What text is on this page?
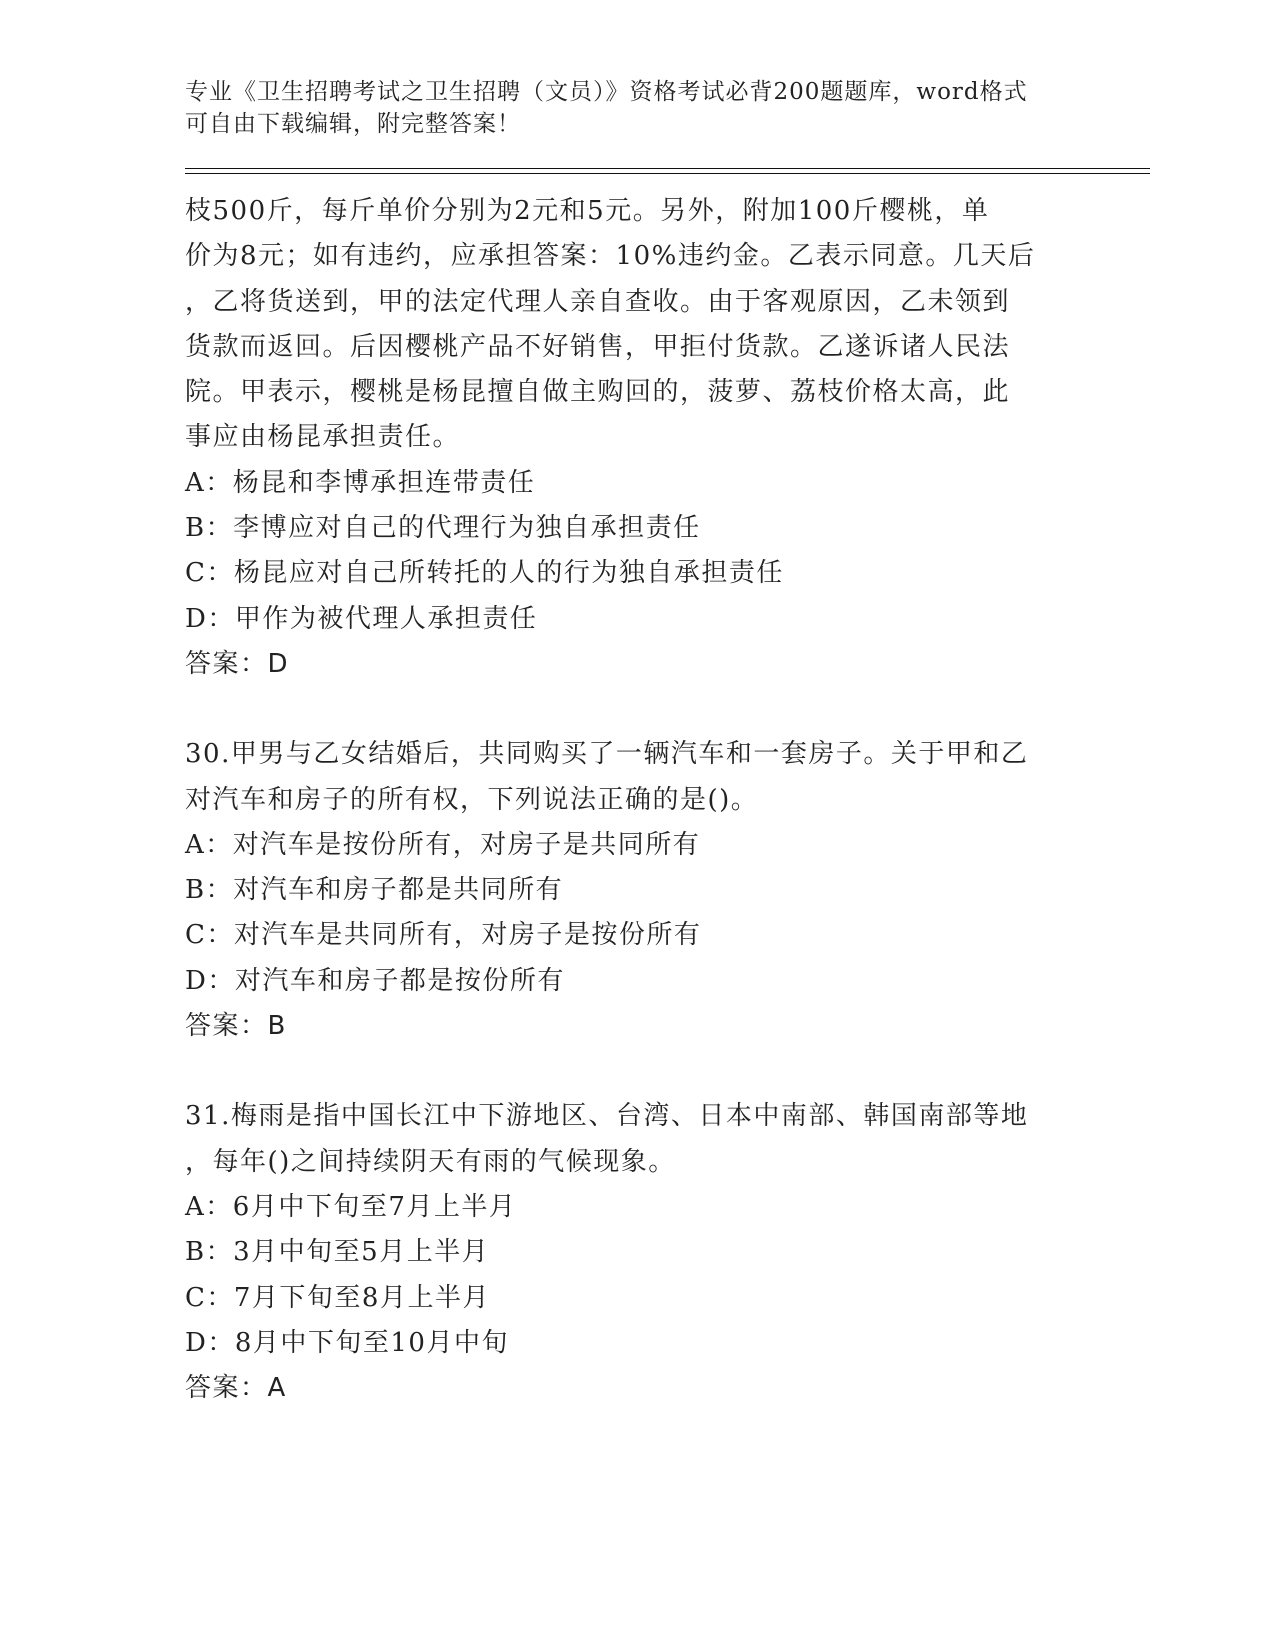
专业《卫生招聘考试之卫生招聘（文员）》资格考试必背200题题库，word格式
可自由下载编辑，附完整答案！
枝500斤，每斤单价分别为2元和5元。另外，附加100斤樱桃，单
价为8元；如有违约，应承担答案：10%违约金。乙表示同意。几天后
，乙将货送到，甲的法定代理人亲自查收。由于客观原因，乙未领到
货款而返回。后因樱桃产品不好销售，甲拒付货款。乙遂诉诸人民法
院。甲表示，樱桃是杨昆擅自做主购回的，菠萝、荔枝价格太高，此
事应由杨昆承担责任。
A：杨昆和李博承担连带责任
B：李博应对自己的代理行为独自承担责任
C：杨昆应对自己所转托的人的行为独自承担责任
D：甲作为被代理人承担责任
答案：D
30.甲男与乙女结婚后，共同购买了一辆汽车和一套房子。关于甲和乙
对汽车和房子的所有权，下列说法正确的是()。
A：对汽车是按份所有，对房子是共同所有
B：对汽车和房子都是共同所有
C：对汽车是共同所有，对房子是按份所有
D：对汽车和房子都是按份所有
答案：B
31.梅雨是指中国长江中下游地区、台湾、日本中南部、韩国南部等地
，每年()之间持续阴天有雨的气候现象。
A：6月中下旬至7月上半月
B：3月中旬至5月上半月
C：7月下旬至8月上半月
D：8月中下旬至10月中旬
答案：A
